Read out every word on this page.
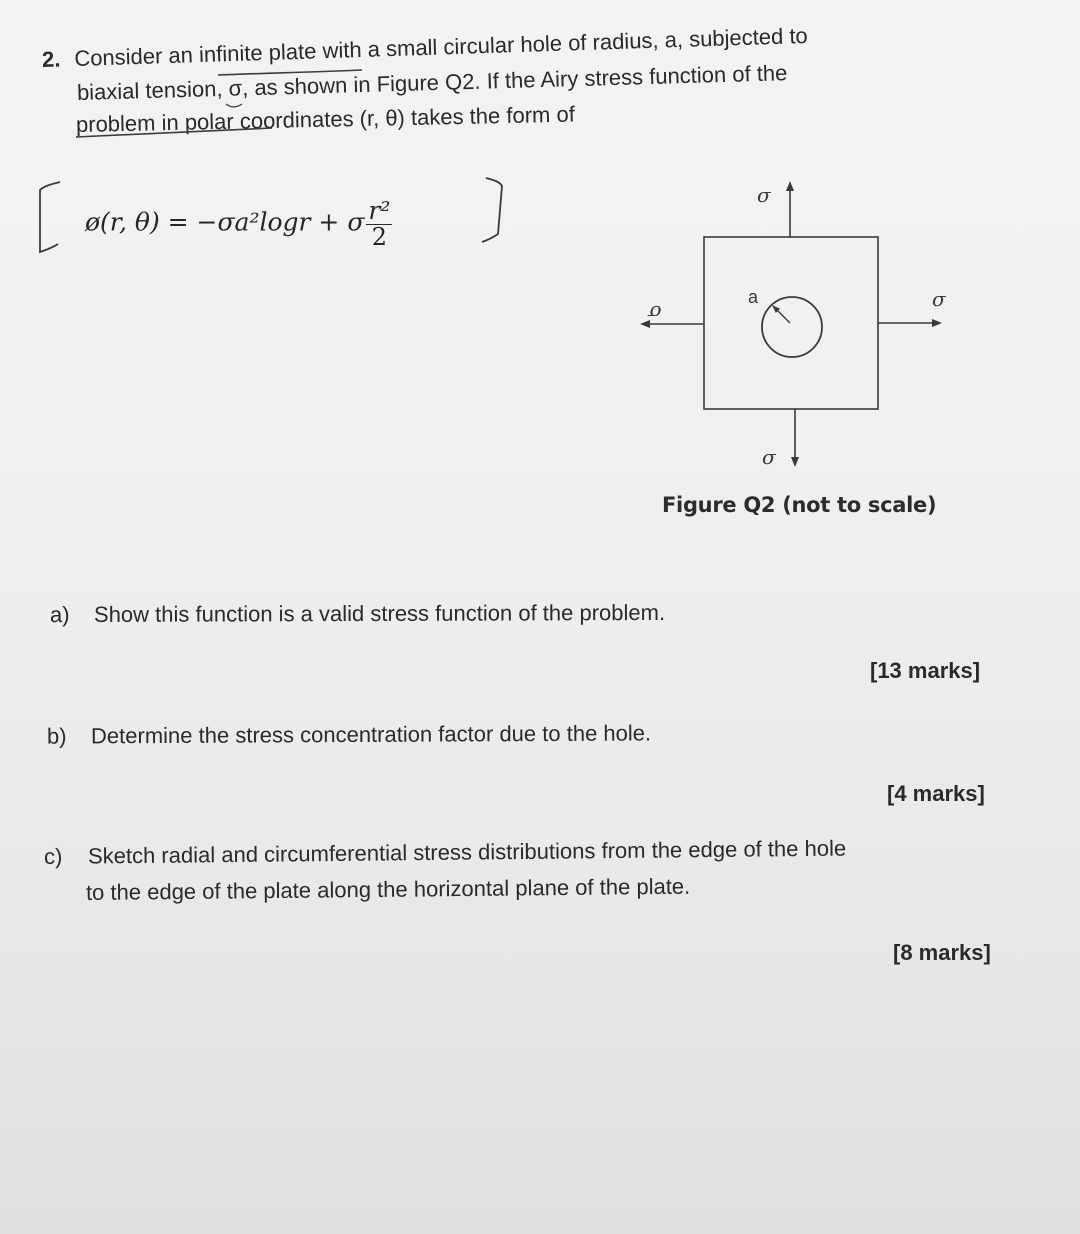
2. Consider an infinite plate with a small circular hole of radius, a, subjected to
biaxial tension, σ, as shown in Figure Q2. If the Airy stress function of the
problem in polar coordinates (r, θ) takes the form of
ø(r, θ) = −σa²logr + σ $\frac{\text{r²}}{2}$
σ
σ
σ
σ
a
Figure Q2 (not to scale)
a) Show this function is a valid stress function of the problem.
[13 marks]
b) Determine the stress concentration factor due to the hole.
[4 marks]
c) Sketch radial and circumferential stress distributions from the edge of the hole
to the edge of the plate along the horizontal plane of the plate.
[8 marks]
